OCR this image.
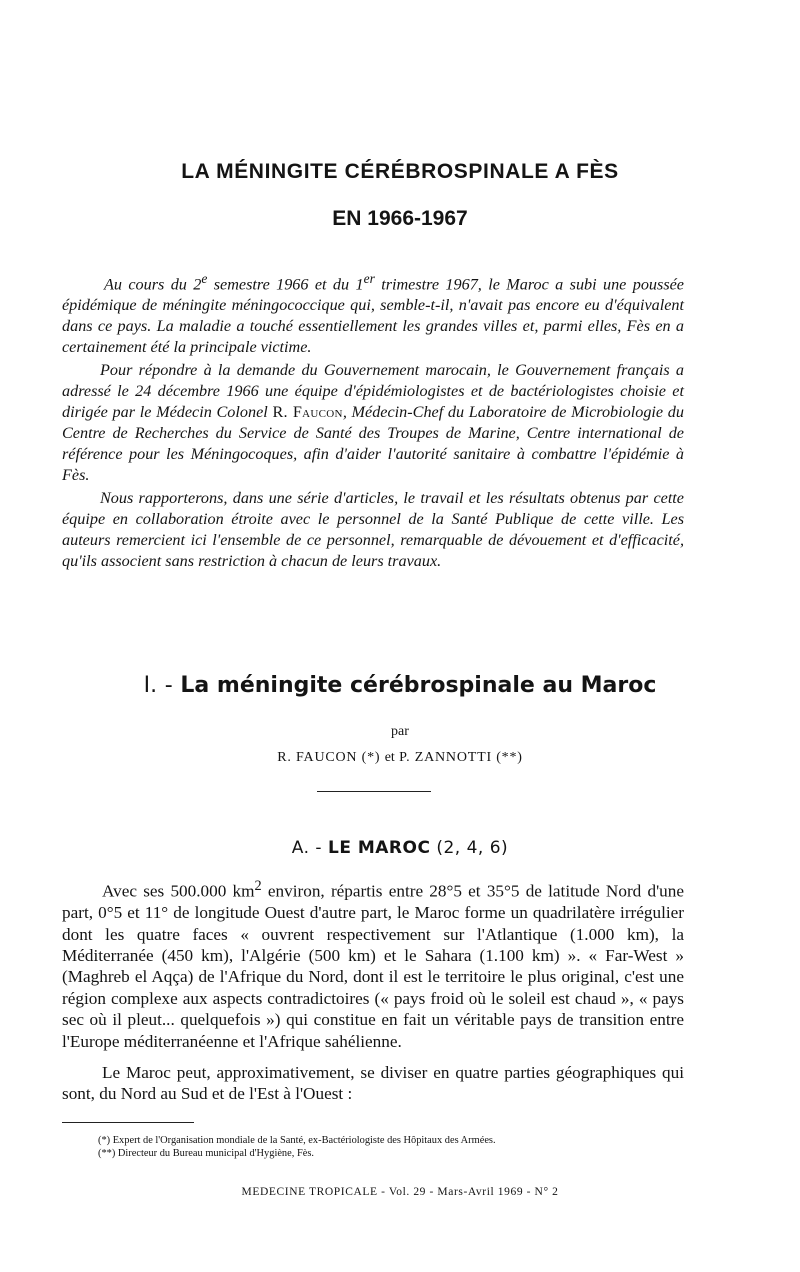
LA MÉNINGITE CÉRÉBROSPINALE A FÈS
EN 1966-1967

Au cours du 2e semestre 1966 et du 1er trimestre 1967, le Maroc a subi une poussée épidémique de méningite méningococcique qui, semble-t-il, n'avait pas encore eu d'équivalent dans ce pays. La maladie a touché essentiellement les grandes villes et, parmi elles, Fès en a certainement été la principale victime.

Pour répondre à la demande du Gouvernement marocain, le Gouvernement français a adressé le 24 décembre 1966 une équipe d'épidémiologistes et de bactériologistes choisie et dirigée par le Médecin Colonel R. Faucon, Médecin-Chef du Laboratoire de Microbiologie du Centre de Recherches du Service de Santé des Troupes de Marine, Centre international de référence pour les Méningocoques, afin d'aider l'autorité sanitaire à combattre l'épidémie à Fès.

Nous rapporterons, dans une série d'articles, le travail et les résultats obtenus par cette équipe en collaboration étroite avec le personnel de la Santé Publique de cette ville. Les auteurs remercient ici l'ensemble de ce personnel, remarquable de dévouement et d'efficacité, qu'ils associent sans restriction à chacun de leurs travaux.

I. - La méningite cérébrospinale au Maroc
par
R. FAUCON (*) et P. ZANNOTTI (**)
A. - LE MAROC (2, 4, 6)

Avec ses 500.000 $km^2$ environ, répartis entre 28°5 et 35°5 de latitude Nord d'une part, 0°5 et 11° de longitude Ouest d'autre part, le Maroc forme un quadrilatère irrégulier dont les quatre faces « ouvrent respectivement sur l'Atlantique (1.000 km), la Méditerranée (450 km), l'Algérie (500 km) et le Sahara (1.100 km) ». « Far-West » (Maghreb el Aqça) de l'Afrique du Nord, dont il est le territoire le plus original, c'est une région complexe aux aspects contradictoires (« pays froid où le soleil est chaud », « pays sec où il pleut... quelquefois ») qui constitue en fait un véritable pays de transition entre l'Europe méditerranéenne et l'Afrique sahélienne.

Le Maroc peut, approximativement, se diviser en quatre parties géographiques qui sont, du Nord au Sud et de l'Est à l'Ouest :

(*) Expert de l'Organisation mondiale de la Santé, ex-Bactériologiste des Hôpitaux des Armées.
(**) Directeur du Bureau municipal d'Hygiène, Fès.
MEDECINE TROPICALE - Vol. 29 - Mars-Avril 1969 - N° 2
